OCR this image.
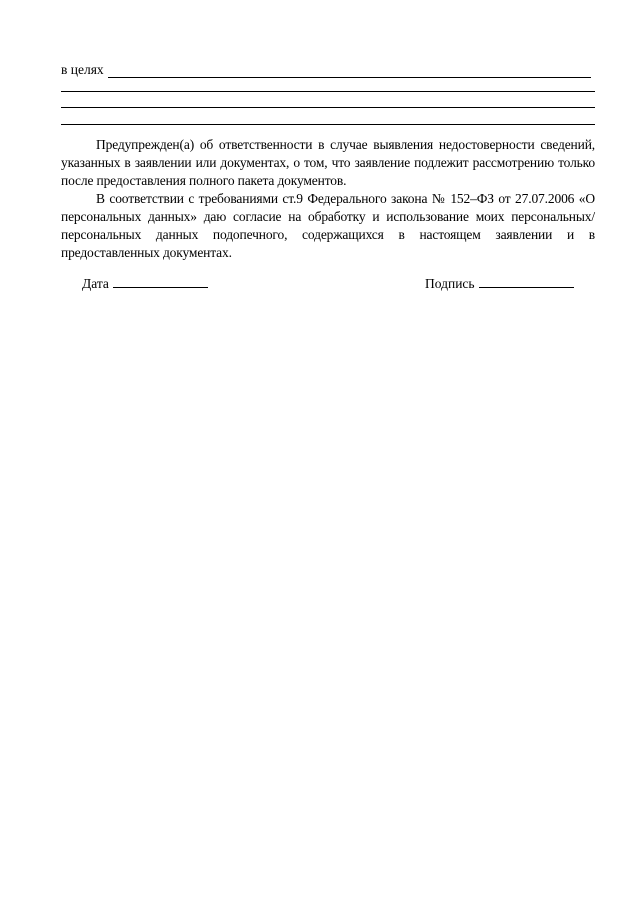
в целях

Предупрежден(а) об ответственности в случае выявления недостоверности сведений, указанных в заявлении или документах, о том, что заявление подлежит рассмотрению только после предоставления полного пакета документов.

В соответствии с требованиями ст.9 Федерального закона № 152–ФЗ от 27.07.2006 «О персональных данных» даю согласие на обработку и использование моих персональных/ персональных данных подопечного, содержащихся в настоящем заявлении и в предоставленных документах.

Дата	Подпись
